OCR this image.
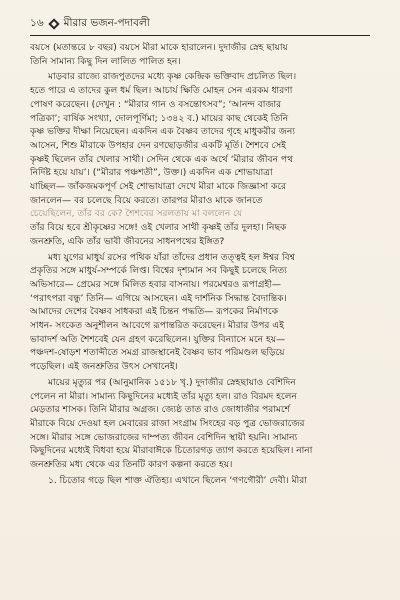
১৬ মীরার ভজন-পদাবলী
বয়সে (মতান্তরে ৮ বছর) বয়সে মীরা মাকে হারালেন। দুদাজীর স্নেহ ছায়ায়
তিনি সামান্য কিছু দিন লালিত পালিত হন।
মাড়বার রাজ্যে রাজপুতদের মধ্যে কৃষ্ণ কেন্দ্রিক ভক্তিবাদ প্রচলিত ছিল।
হতে পারে এ তাদের কুল ধর্ম ছিল। আচার্য ক্ষিতি মোহন সেন এরকম ধারণা
পোষণ করেছেন। (দেখুন : “মীরার গান ও বসন্তোৎসব”; ‘আনন্দ বাজার
পত্রিকা’; বার্ষিক সংখ্যা, দোলপূর্ণিমা; ১৩৪২ ব.) মায়ের কাছ থেকেই তিনি
কৃষ্ণ ভক্তির দীক্ষা নিয়েছেন। একদিন এক বৈষ্ণব তাদের গৃহে মাধুকরীর জন্য
আসেন, শিশু মীরাকে উপহার দেন রণছোড়জীর একটি মূর্তি। শৈশবে সেই
কৃষ্ণই ছিলেন তাঁর খেলার সাথী। সেদিন থেকে এক অর্থে ‘মীরার জীবন পথ
নির্দিষ্ট হয়ে যায়’। (“মীরার পঞ্চশতী”, উক্ত।) একদিন এক শোভাযাত্রা
যাচ্ছিল— জাঁকজমকপূর্ণ সেই শোভাযাত্রা দেখে মীরা মাকে জিজ্ঞাসা করে
জানলেন— বর চলেছে বিয়ে করতে। তারপর মীরাও মাকে জানতে
চেয়েছিলেন, তাঁর বর কে? শৈশবের সরলতায় মা বললেন যে
তাঁর বিয়ে হবে শ্রীকৃষ্ণের সঙ্গে! ওই খেলার সাথী কৃষ্ণই তাঁর দুলহা। নিছক
জনশ্রুতি, একি তাঁর ভাবী জীবনের সাধনপথের ইঙ্গিত?
মধ্য যুগের মাধুর্য রসের পথিক যাঁরা তাঁদের প্রধান তত্ত্বই হল ঈশ্বর বিশ্ব
প্রকৃতির সঙ্গে মাধুর্য-সম্পর্কে লিপ্ত। বিশ্বের দৃশ্যমান সব কিছুই চলেছে নিত্য
অভিসারে— প্রেমের সঙ্গে মিলিত হবার বাসনায়। পরমেশ্বরও রূপাগ্রহী—
‘পরাৎপরা বন্ধু’ তিনি— এগিয়ে আসছেন। এই দার্শনিক সিদ্ধান্ত বৈদান্তিক।
আমাদের দেশের বৈষ্ণব সাধকরা এই চিন্তন পদ্ধতি— রূপকের নির্মাণকে
সাধন- সংকেত অনুশীলন আবেগে রূপান্তরিত করেছেন। মীরার উপর এই
ভাবাদর্শ অতি শৈশবেই যেন গ্রহণ করেছিলেন। যুক্তির বিন্যাসে মনে হয়—
পঞ্চদশ-ষোড়শ শতাব্দীতে সমগ্র রাজস্থানেই বৈষ্ণব ভাব পরিমণ্ডল ছড়িয়ে
পড়েছিল। এই জনশ্রুতির উৎস সেখানেই।
মায়ের মৃত্যুর পর (আনুমানিক ১৫১৮ খৃ.) দুদাজীর স্নেহছায়াও বেশিদিন
পেলেন না মীরা। সামান্য কিছুদিনের মধ্যেই তাঁর মৃত্যু হল। রাও বিরমদ হলেন
মেড়তার শাসক। তিনি মীরার অগ্রজ। জ্যেষ্ঠ তাত রাও জোধাজীর পরামর্শে
মীরাকে বিয়ে দেওয়া হল মেবারের রাজা সংগ্রাম সিংহের বড় পুত্র ভোজরাজের
সঙ্গে। মীরার সঙ্গে ভোজরাজের দাম্পত্য জীবন বেশিদিন স্থায়ী হয়নি। সামান্য
কিছুদিনের মধ্যেই বিধবা হয়ে মীরাবাঈকে চিতোরগড় ত্যাগ করতে হয়েছিল। নানা
জনশ্রুতির মধ্য থেকে এর তিনটি কারণ কল্পনা করতে হয়।
১. চিতোর গড়ে ছিল শাক্ত ঐতিহ্য। এখানে ছিলেন ‘গণগৌরী’ দেবী। মীরা
